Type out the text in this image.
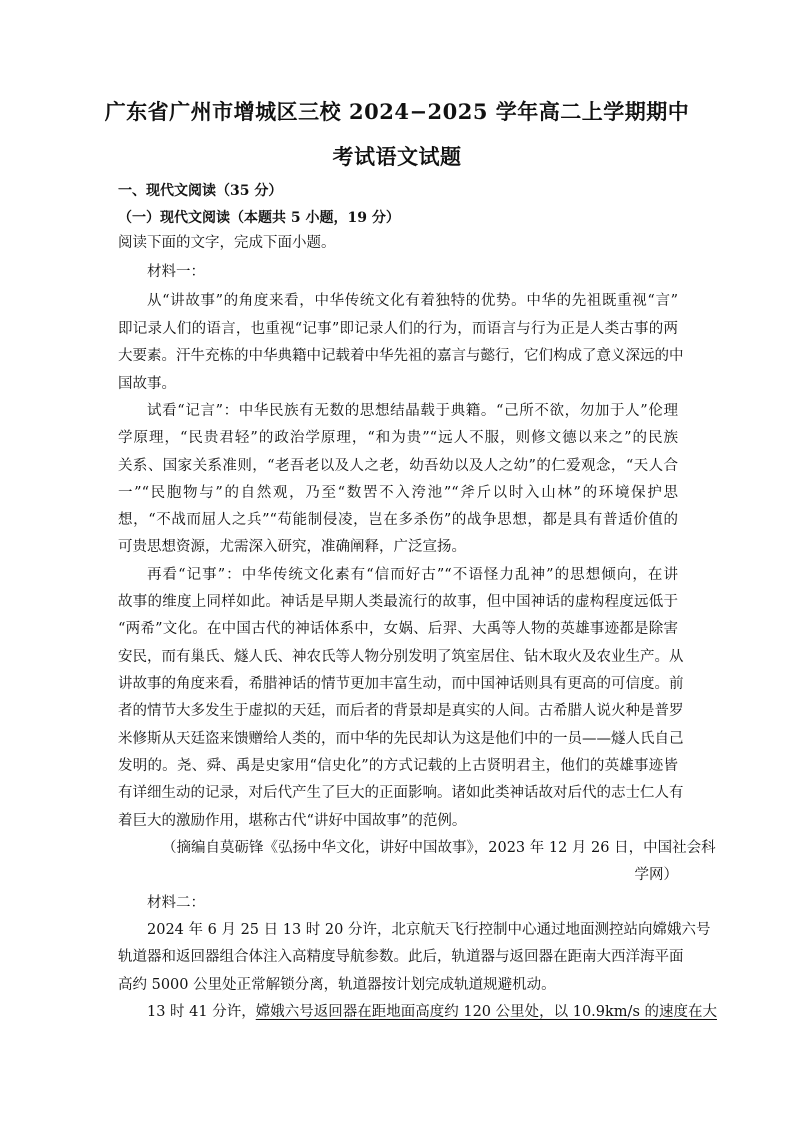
广东省广州市增城区三校 2024−2025 学年高二上学期期中
考试语文试题
一、现代文阅读（35 分）
（一）现代文阅读（本题共 5 小题，19 分）
阅读下面的文字，完成下面小题。
材料一：
从“讲故事”的角度来看，中华传统文化有着独特的优势。中华的先祖既重视“言”
即记录人们的语言，也重视“记事”即记录人们的行为，而语言与行为正是人类古事的两
大要素。汗牛充栋的中华典籍中记载着中华先祖的嘉言与懿行，它们构成了意义深远的中
国故事。
试看“记言”：中华民族有无数的思想结晶载于典籍。“己所不欲，勿加于人”伦理
学原理，“民贵君轻”的政治学原理，“和为贵”“远人不服，则修文德以来之”的民族
关系、国家关系准则，“老吾老以及人之老，幼吾幼以及人之幼”的仁爱观念，“天人合
一”“民胞物与”的自然观，乃至“数罟不入洿池”“斧斤以时入山林”的环境保护思
想，“不战而屈人之兵”“苟能制侵凌，岂在多杀伤”的战争思想，都是具有普适价值的
可贵思想资源，尤需深入研究，准确阐释，广泛宣扬。
再看“记事”：中华传统文化素有“信而好古”“不语怪力乱神”的思想倾向，在讲
故事的维度上同样如此。神话是早期人类最流行的故事，但中国神话的虚构程度远低于
“两希”文化。在中国古代的神话体系中，女娲、后羿、大禹等人物的英雄事迹都是除害
安民，而有巢氏、燧人氏、神农氏等人物分别发明了筑室居住、钻木取火及农业生产。从
讲故事的角度来看，希腊神话的情节更加丰富生动，而中国神话则具有更高的可信度。前
者的情节大多发生于虚拟的天廷，而后者的背景却是真实的人间。古希腊人说火种是普罗
米修斯从天廷盗来馈赠给人类的，而中华的先民却认为这是他们中的一员——燧人氏自己
发明的。尧、舜、禹是史家用“信史化”的方式记载的上古贤明君主，他们的英雄事迹皆
有详细生动的记录，对后代产生了巨大的正面影响。诸如此类神话故对后代的志士仁人有
着巨大的激励作用，堪称古代“讲好中国故事”的范例。
（摘编自莫砺锋《弘扬中华文化，讲好中国故事》，2023 年 12 月 26 日，中国社会科
学网）
材料二：
2024 年 6 月 25 日 13 时 20 分许，北京航天飞行控制中心通过地面测控站向嫦娥六号
轨道器和返回器组合体注入高精度导航参数。此后，轨道器与返回器在距南大西洋海平面
高约 5000 公里处正常解锁分离，轨道器按计划完成轨道规避机动。
13 时 41 分许，嫦娥六号返回器在距地面高度约 120 公里处，以 10.9km/s 的速度在大
